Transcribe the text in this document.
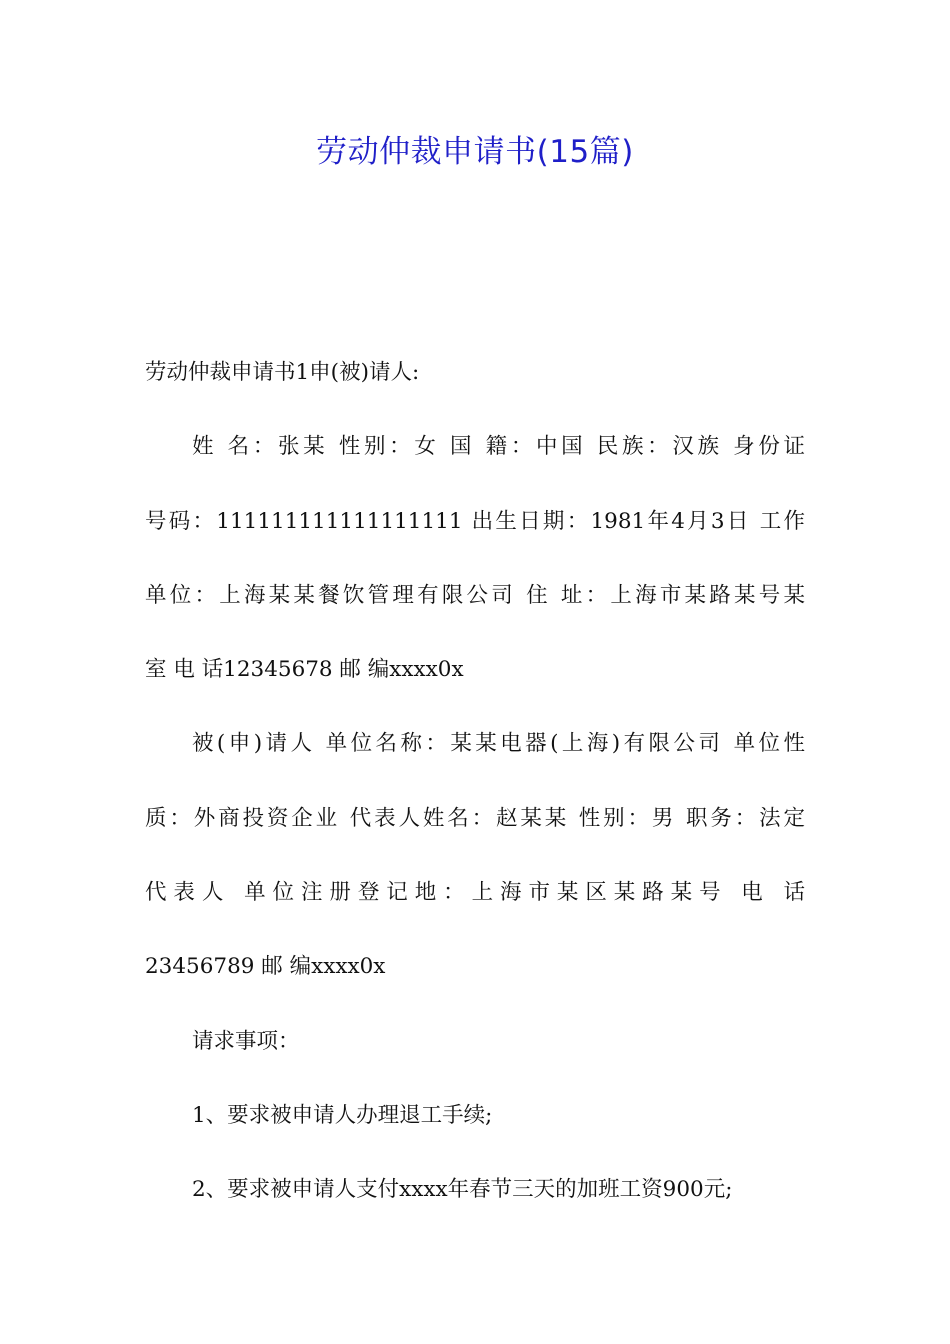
劳动仲裁申请书(15篇)

劳动仲裁申请书1申(被)请人:

姓 名：张某 性别：女 国 籍：中国 民族：汉族 身份证

号码：111111111111111111 出生日期：1981年4月3日 工作

单位：上海某某餐饮管理有限公司 住 址：上海市某路某号某

室 电 话12345678 邮 编xxxx0x

被(申)请人 单位名称：某某电器(上海)有限公司 单位性

质：外商投资企业 代表人姓名：赵某某 性别：男 职务：法定

代表人 单位注册登记地：上海市某区某路某号 电 话

23456789 邮 编xxxx0x

请求事项：

1、要求被申请人办理退工手续;

2、要求被申请人支付xxxx年春节三天的加班工资900元;
